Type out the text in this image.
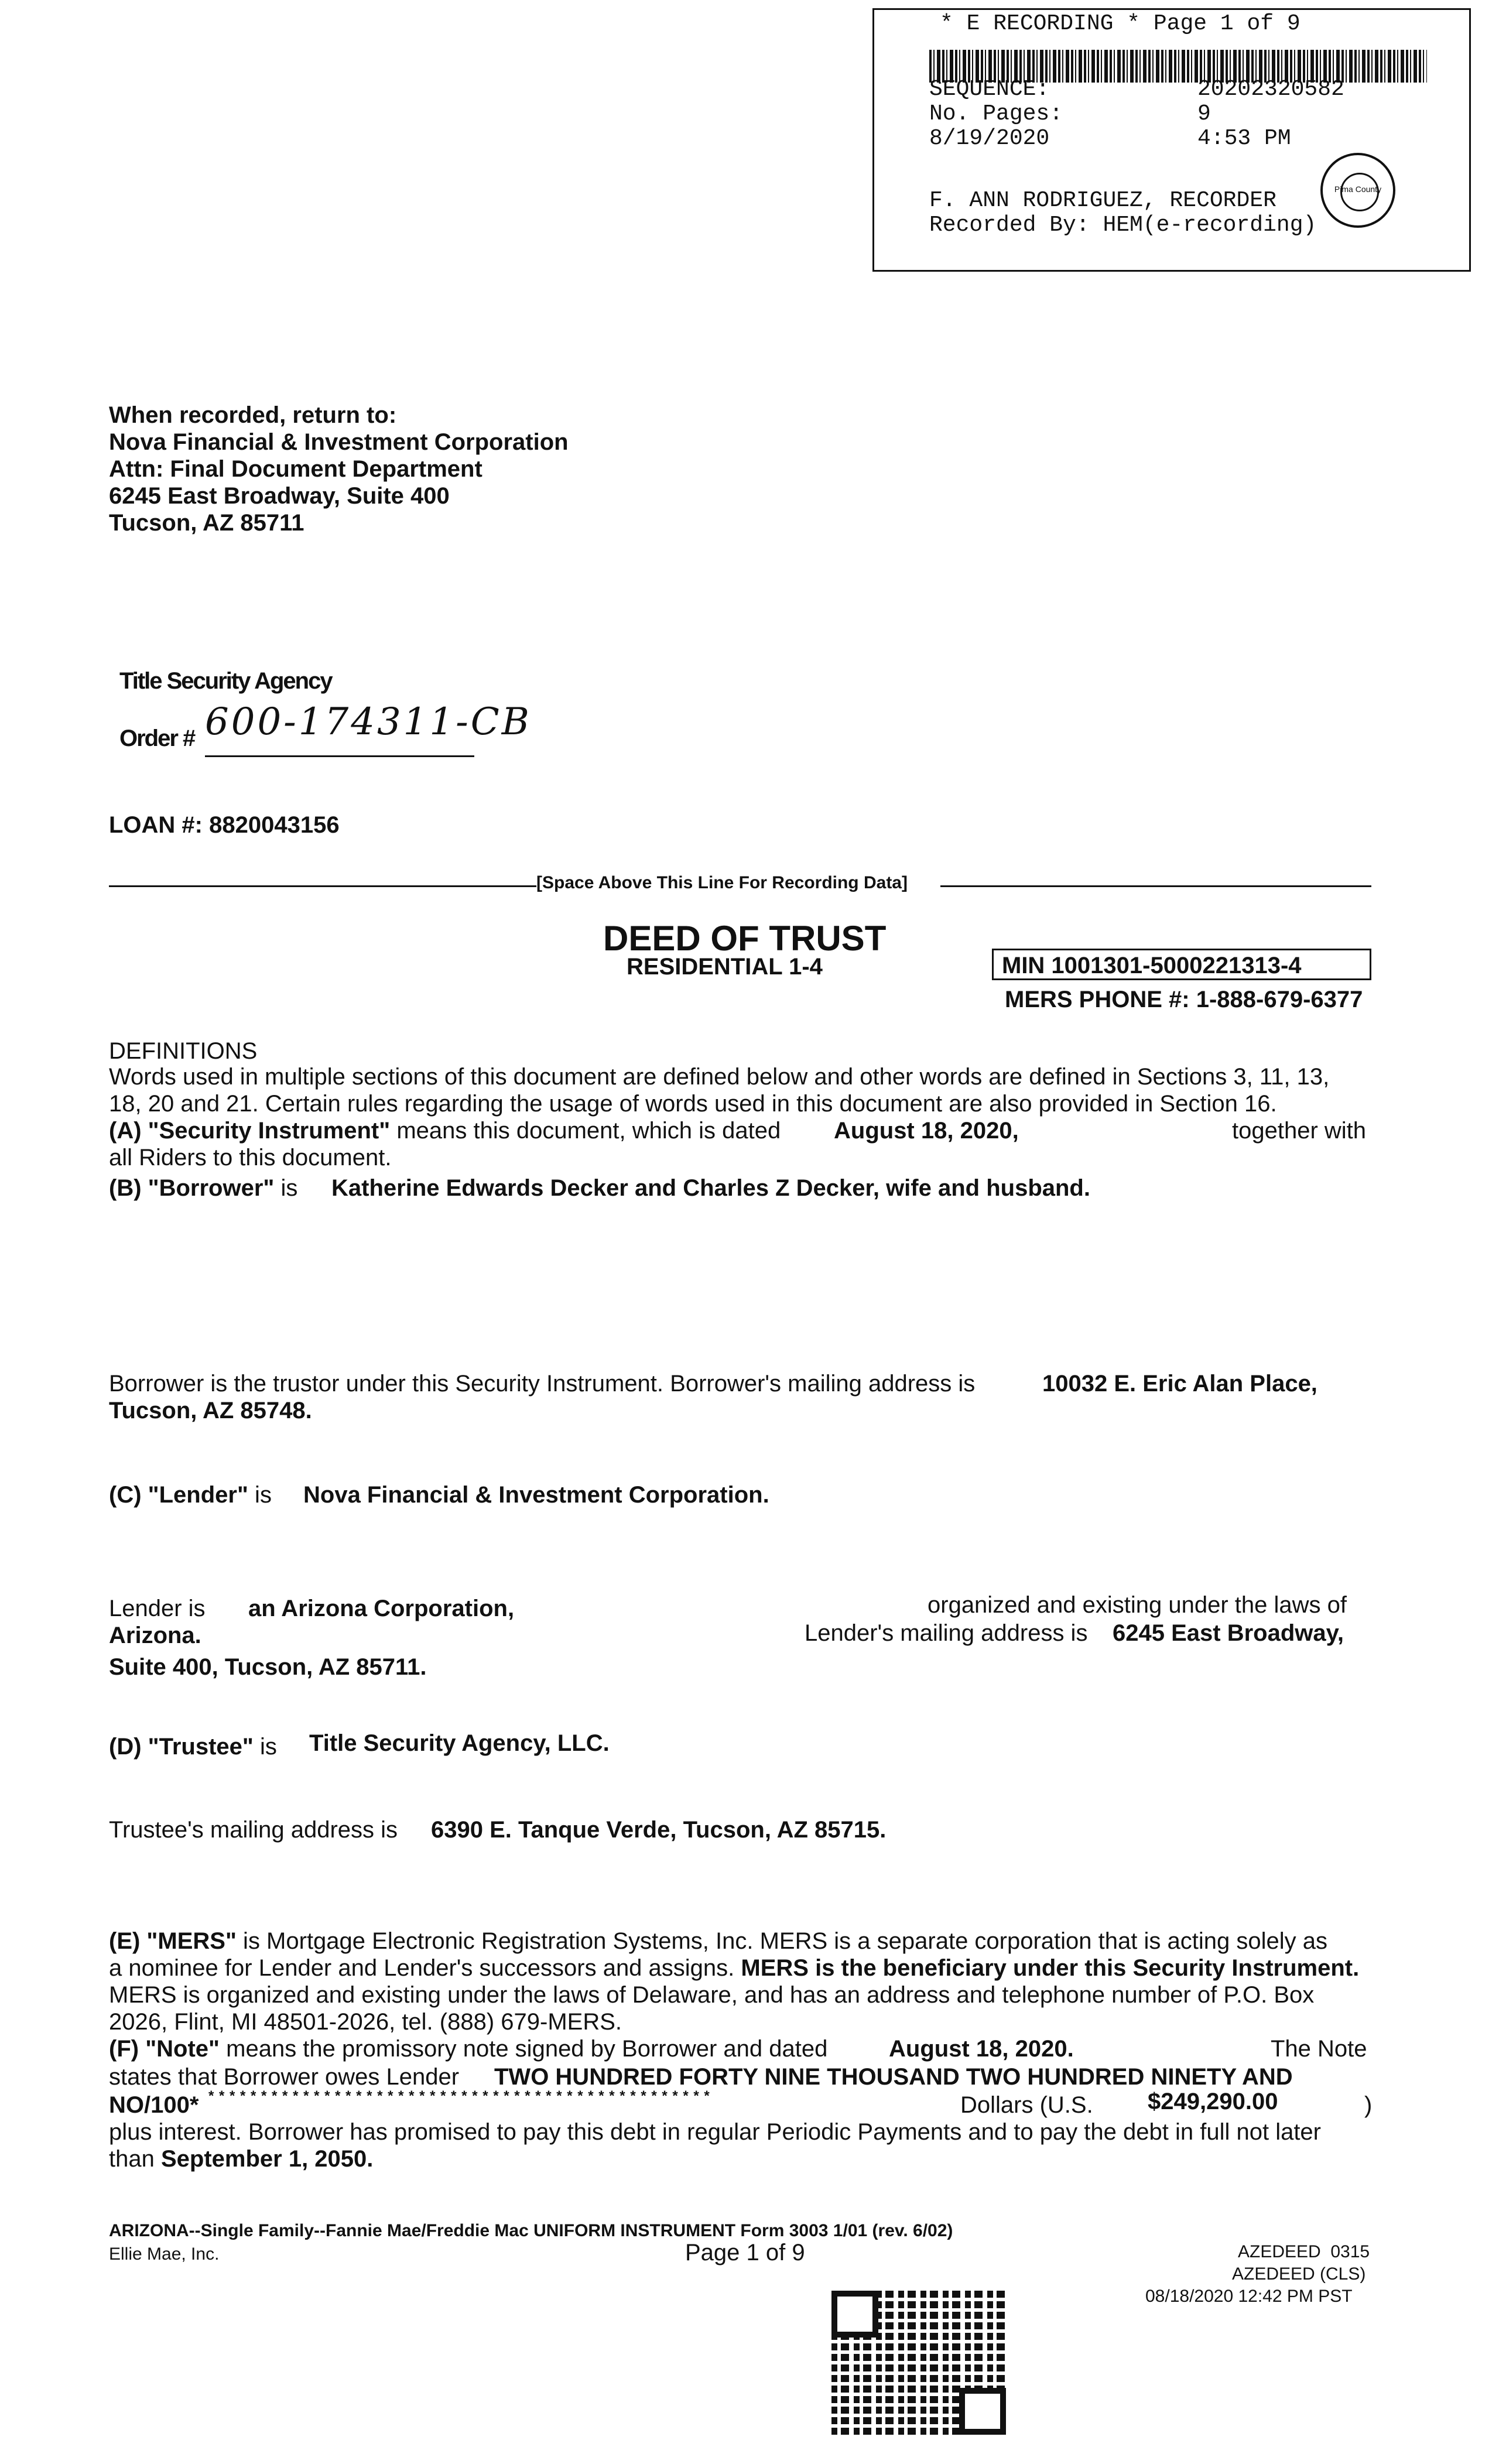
* E RECORDING * Page 1 of 9
SEQUENCE:	20202320582
No. Pages:	9
8/19/2020	4:53 PM
F. ANN RODRIGUEZ, RECORDER
Recorded By: HEM(e-recording)
Pima County
When recorded, return to:
Nova Financial & Investment Corporation
Attn: Final Document Department
6245 East Broadway, Suite 400
Tucson, AZ 85711
Title Security Agency
Order # 600-174311-CB
LOAN #: 8820043156
[Space Above This Line For Recording Data]
DEED OF TRUST
RESIDENTIAL 1-4	MIN 1001301-5000221313-4
MERS PHONE #: 1-888-679-6377
DEFINITIONS
Words used in multiple sections of this document are defined below and other words are defined in Sections 3, 11, 13,
18, 20 and 21. Certain rules regarding the usage of words used in this document are also provided in Section 16.
(A) "Security Instrument" means this document, which is dated August 18, 2020,	together with
all Riders to this document.
(B) "Borrower" is Katherine Edwards Decker and Charles Z Decker, wife and husband.
Borrower is the trustor under this Security Instrument. Borrower's mailing address is	10032 E. Eric Alan Place,
Tucson, AZ 85748.
(C) "Lender" is Nova Financial & Investment Corporation.
Lender is an Arizona Corporation,	organized and existing under the laws of
Arizona.	Lender's mailing address is 6245 East Broadway,
Suite 400, Tucson, AZ 85711.
(D) "Trustee" is Title Security Agency, LLC.
Trustee's mailing address is 6390 E. Tanque Verde, Tucson, AZ 85715.
(E) "MERS" is Mortgage Electronic Registration Systems, Inc. MERS is a separate corporation that is acting solely as
a nominee for Lender and Lender's successors and assigns. MERS is the beneficiary under this Security Instrument.
MERS is organized and existing under the laws of Delaware, and has an address and telephone number of P.O. Box
2026, Flint, MI 48501-2026, tel. (888) 679-MERS.
(F) "Note" means the promissory note signed by Borrower and dated	August 18, 2020.	The Note
states that Borrower owes Lender TWO HUNDRED FORTY NINE THOUSAND TWO HUNDRED NINETY AND
NO/100* * * * * * * * * * * * * * * * * * * * * * * * * * * * * * * * * * * * * * * * * * * * * * * * *	Dollars (U.S. $249,290.00	)
plus interest. Borrower has promised to pay this debt in regular Periodic Payments and to pay the debt in full not later
than September 1, 2050.
ARIZONA--Single Family--Fannie Mae/Freddie Mac UNIFORM INSTRUMENT Form 3003 1/01 (rev. 6/02)
Ellie Mae, Inc.	Page 1 of 9	AZEDEED  0315
AZEDEED (CLS)
08/18/2020 12:42 PM PST
